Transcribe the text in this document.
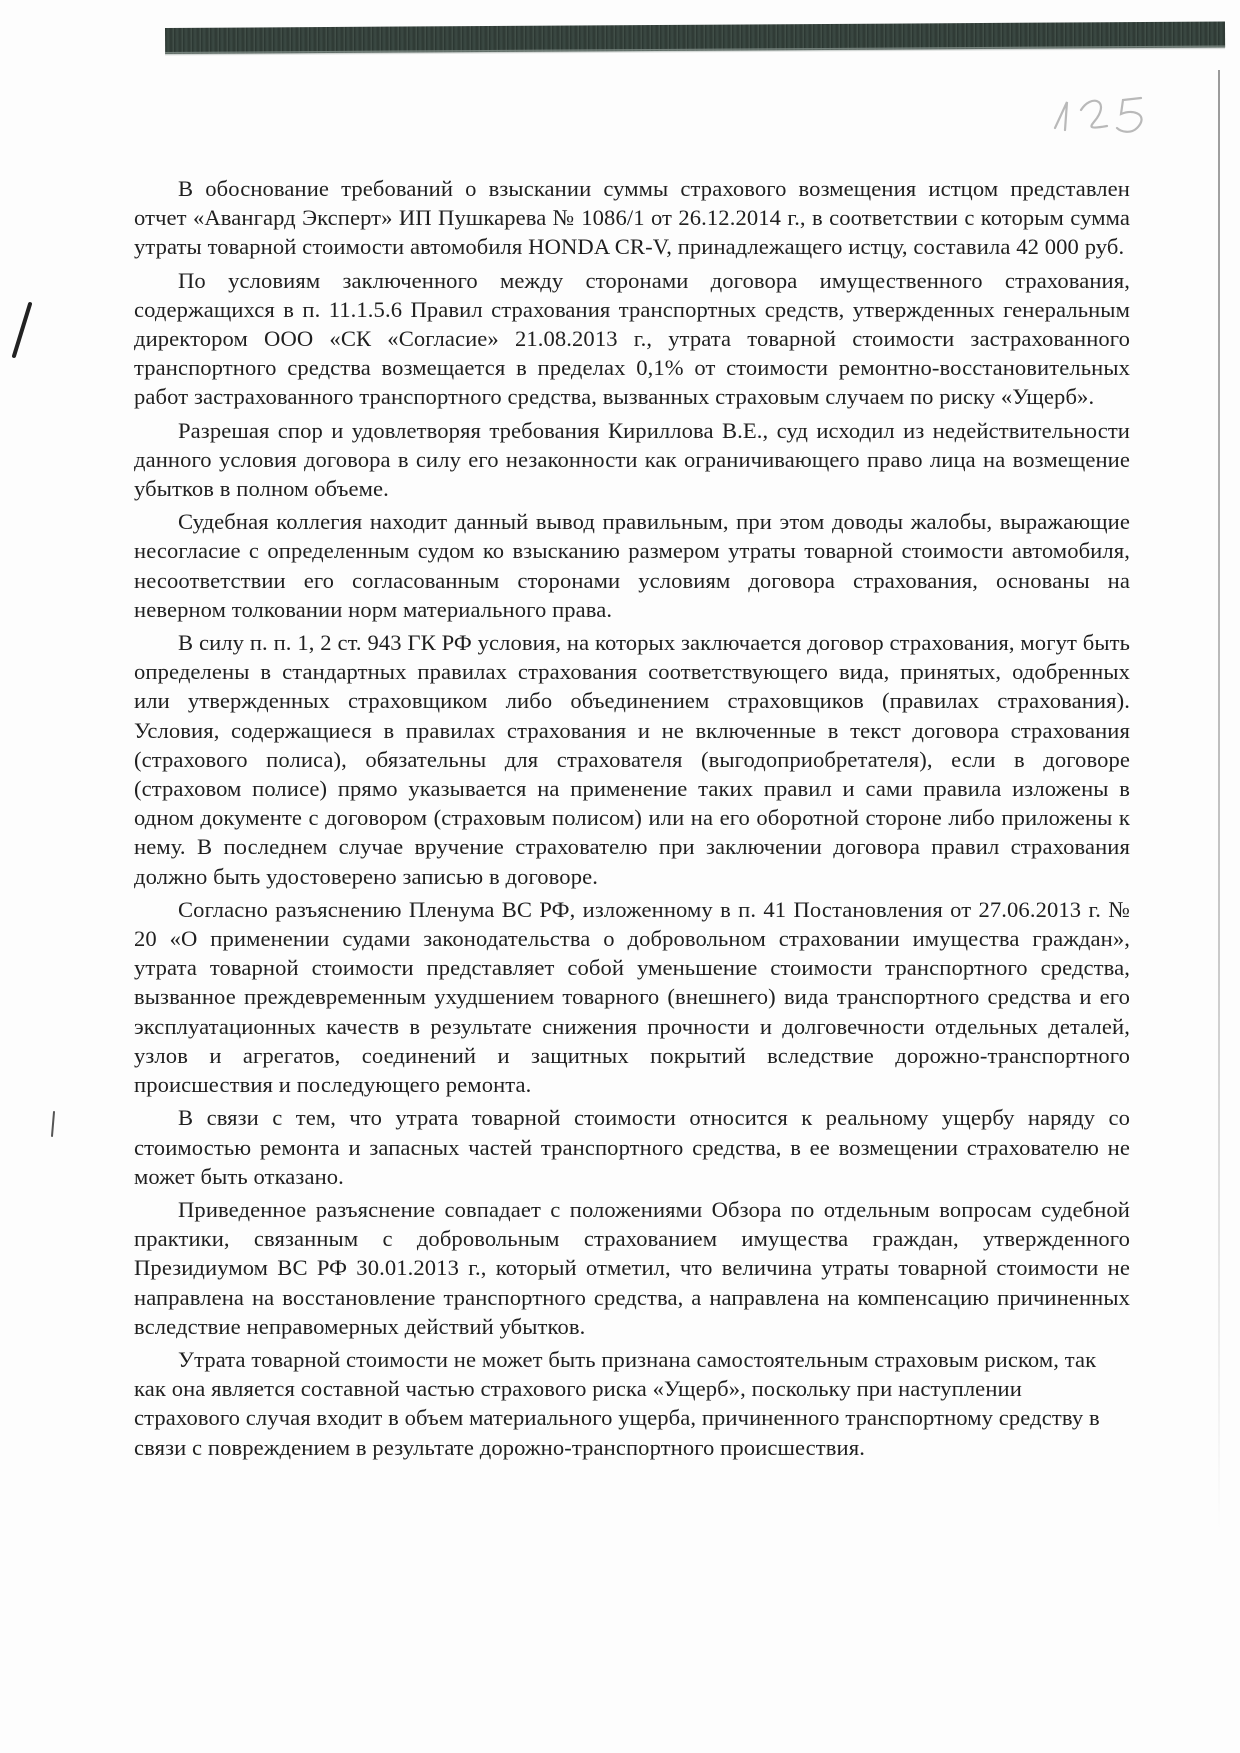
В обоснование требований о взыскании суммы страхового возмещения истцом представлен отчет «Авангард Эксперт» ИП Пушкарева № 1086/1 от 26.12.2014 г., в соответствии с которым сумма утраты товарной стоимости автомобиля HONDA CR-V, принадлежащего истцу, составила 42 000 руб.

По условиям заключенного между сторонами договора имущественного страхования, содержащихся в п. 11.1.5.6 Правил страхования транспортных средств, утвержденных генеральным директором ООО «СК «Согласие» 21.08.2013 г., утрата товарной стоимости застрахованного транспортного средства возмещается в пределах 0,1% от стоимости ремонтно-восстановительных работ застрахованного транспортного средства, вызванных страховым случаем по риску «Ущерб».

Разрешая спор и удовлетворяя требования Кириллова В.Е., суд исходил из недействительности данного условия договора в силу его незаконности как ограничивающего право лица на возмещение убытков в полном объеме.

Судебная коллегия находит данный вывод правильным, при этом доводы жалобы, выражающие несогласие с определенным судом ко взысканию размером утраты товарной стоимости автомобиля, несоответствии его согласованным сторонами условиям договора страхования, основаны на неверном толковании норм материального права.

В силу п. п. 1, 2 ст. 943 ГК РФ условия, на которых заключается договор страхования, могут быть определены в стандартных правилах страхования соответствующего вида, принятых, одобренных или утвержденных страховщиком либо объединением страховщиков (правилах страхования). Условия, содержащиеся в правилах страхования и не включенные в текст договора страхования (страхового полиса), обязательны для страхователя (выгодоприобретателя), если в договоре (страховом полисе) прямо указывается на применение таких правил и сами правила изложены в одном документе с договором (страховым полисом) или на его оборотной стороне либо приложены к нему. В последнем случае вручение страхователю при заключении договора правил страхования должно быть удостоверено записью в договоре.

Согласно разъяснению Пленума ВС РФ, изложенному в п. 41 Постановления от 27.06.2013 г. № 20 «О применении судами законодательства о добровольном страховании имущества граждан», утрата товарной стоимости представляет собой уменьшение стоимости транспортного средства, вызванное преждевременным ухудшением товарного (внешнего) вида транспортного средства и его эксплуатационных качеств в результате снижения прочности и долговечности отдельных деталей, узлов и агрегатов, соединений и защитных покрытий вследствие дорожно-транспортного происшествия и последующего ремонта.

В связи с тем, что утрата товарной стоимости относится к реальному ущербу наряду со стоимостью ремонта и запасных частей транспортного средства, в ее возмещении страхователю не может быть отказано.

Приведенное разъяснение совпадает с положениями Обзора по отдельным вопросам судебной практики, связанным с добровольным страхованием имущества граждан, утвержденного Президиумом ВС РФ 30.01.2013 г., который отметил, что величина утраты товарной стоимости не направлена на восстановление транспортного средства, а направлена на компенсацию причиненных вследствие неправомерных действий убытков.

Утрата товарной стоимости не может быть признана самостоятельным страховым риском, так как она является составной частью страхового риска «Ущерб», поскольку при наступлении страхового случая входит в объем материального ущерба, причиненного транспортному средству в связи с повреждением в результате дорожно-транспортного происшествия.
